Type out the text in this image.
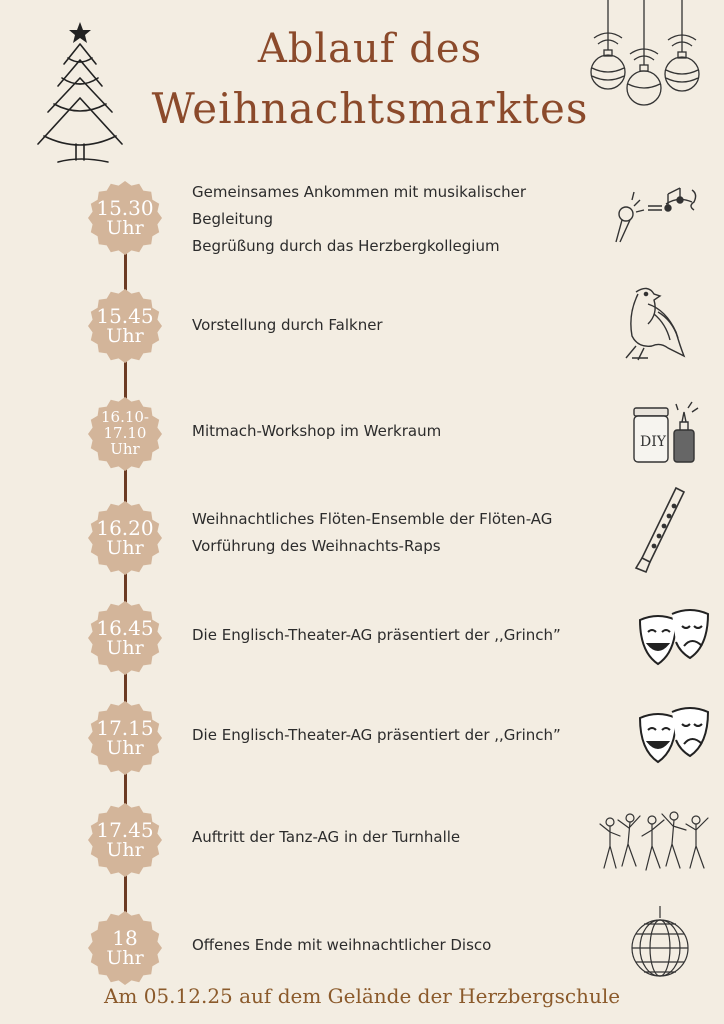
Ablauf des
Weihnachtsmarktes
15.30
Uhr
15.45
Uhr
16.10-
17.10
Uhr
16.20
Uhr
16.45
Uhr
17.15
Uhr
17.45
Uhr
18
Uhr
Gemeinsames Ankommen mit musikalischer
Begleitung
Begrüßung durch das Herzbergkollegium
Vorstellung durch Falkner
Mitmach-Workshop im Werkraum
Weihnachtliches Flöten-Ensemble der Flöten-AG
Vorführung des Weihnachts-Raps
Die Englisch-Theater-AG präsentiert der ,,Grinch”
Die Englisch-Theater-AG präsentiert der ,,Grinch”
Auftritt der Tanz-AG in der Turnhalle
Offenes Ende mit weihnachtlicher Disco
DIY
Am 05.12.25 auf dem Gelände der Herzbergschule
